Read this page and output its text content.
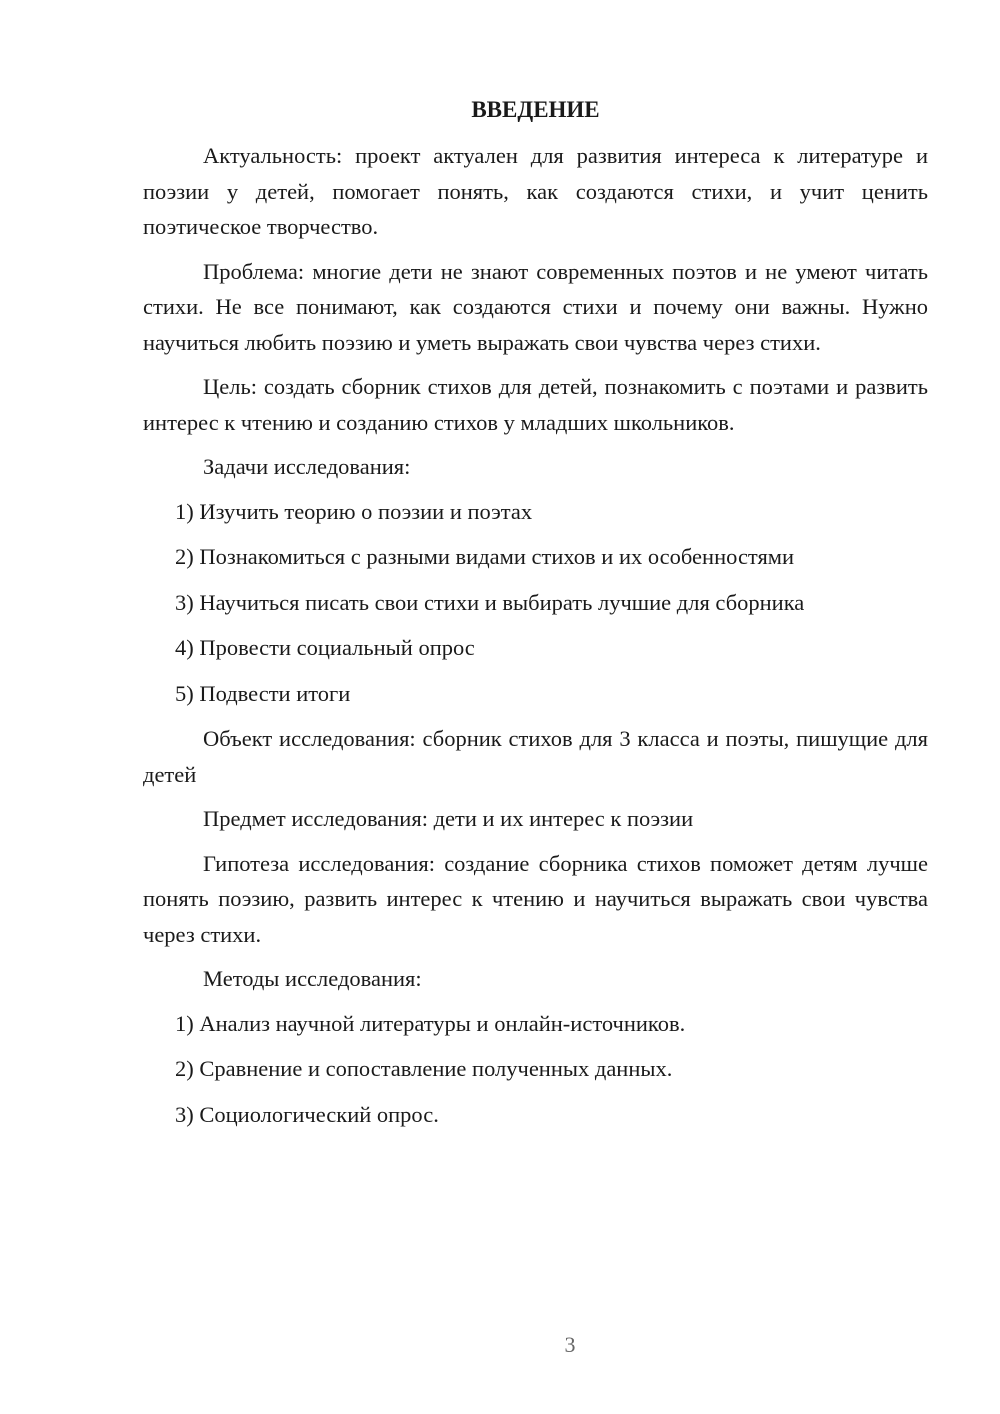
ВВЕДЕНИЕ

Актуальность: проект актуален для развития интереса к литературе и поэзии у детей, помогает понять, как создаются стихи, и учит ценить поэтическое творчество.

Проблема: многие дети не знают современных поэтов и не умеют читать стихи. Не все понимают, как создаются стихи и почему они важны. Нужно научиться любить поэзию и уметь выражать свои чувства через стихи.

Цель: создать сборник стихов для детей, познакомить с поэтами и развить интерес к чтению и созданию стихов у младших школьников.

Задачи исследования:

1) Изучить теорию о поэзии и поэтах
2) Познакомиться с разными видами стихов и их особенностями
3) Научиться писать свои стихи и выбирать лучшие для сборника
4) Провести социальный опрос
5) Подвести итоги

Объект исследования: сборник стихов для 3 класса и поэты, пишущие для детей

Предмет исследования: дети и их интерес к поэзии

Гипотеза исследования: создание сборника стихов поможет детям лучше понять поэзию, развить интерес к чтению и научиться выражать свои чувства через стихи.

Методы исследования:

1) Анализ научной литературы и онлайн-источников.
2) Сравнение и сопоставление полученных данных.
3) Социологический опрос.
3
